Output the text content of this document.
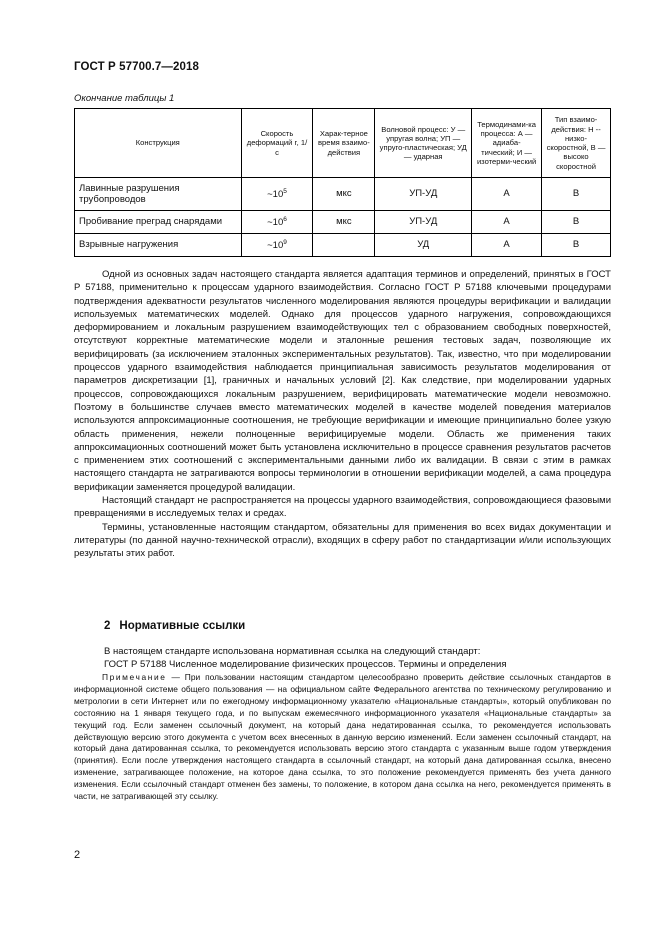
ГОСТ Р 57700.7—2018
Окончание таблицы 1
Конструкция	Скорость деформаций r, 1/с	Харак-терное время взаимо-действия	Волновой процесс: У — упругая волна; УП — упруго-пластическая; УД — ударная	Термодинами-ка процесса: А — адиаба-тический; И — изотерми-ческий	Тип взаимо-действия: Н -- низко-скоростной, В — высоко скоростной
Лавинные разрушения трубопроводов	$\sim 10^5$	мкс	УП-УД	А	В
Пробивание преград снарядами	$\sim 10^6$	мкс	УП-УД	А	В
Взрывные нагружения	$\sim 10^9$		УД	А	В

Одной из основных задач настоящего стандарта является адаптация терминов и определений, принятых в ГОСТ Р 57188, применительно к процессам ударного взаимодействия. Согласно ГОСТ Р 57188 ключевыми процедурами подтверждения адекватности результатов численного моделирования являются процедуры верификации и валидации используемых математических моделей. Однако для процессов ударного нагружения, сопровождающихся деформированием и локальным разрушением взаимодействующих тел с образованием свободных поверхностей, отсутствуют корректные математические модели и эталонные решения тестовых задач, позволяющие их верифицировать (за исключением эталонных экспериментальных результатов). Так, известно, что при моделировании процессов ударного взаимодействия наблюдается принципиальная зависимость результатов моделирования от параметров дискретизации [1], граничных и начальных условий [2]. Как следствие, при моделировании ударных процессов, сопровождающихся локальным разрушением, верифицировать математические модели невозможно. Поэтому в большинстве случаев вместо математических моделей в качестве моделей поведения материалов используются аппроксимационные соотношения, не требующие верификации и имеющие принципиально более узкую область применения, нежели полноценные верифицируемые модели. Область же применения таких аппроксимационных соотношений может быть установлена исключительно в процессе сравнения результатов расчетов с применением этих соотношений с экспериментальными данными либо их валидации. В связи с этим в рамках настоящего стандарта не затрагиваются вопросы терминологии в отношении верификации моделей, а сама процедура верификации заменяется процедурой валидации.

Настоящий стандарт не распространяется на процессы ударного взаимодействия, сопровождающиеся фазовыми превращениями в исследуемых телах и средах.

Термины, установленные настоящим стандартом, обязательны для применения во всех видах документации и литературы (по данной научно-технической отрасли), входящих в сферу работ по стандартизации и/или использующих результаты этих работ.

2 Нормативные ссылки
В настоящем стандарте использована нормативная ссылка на следующий стандарт:
ГОСТ Р 57188 Численное моделирование физических процессов. Термины и определения
Примечание — При пользовании настоящим стандартом целесообразно проверить действие ссылочных стандартов в информационной системе общего пользования — на официальном сайте Федерального агентства по техническому регулированию и метрологии в сети Интернет или по ежегодному информационному указателю «Национальные стандарты», который опубликован по состоянию на 1 января текущего года, и по выпускам ежемесячного информационного указателя «Национальные стандарты» за текущий год. Если заменен ссылочный документ, на который дана недатированная ссылка, то рекомендуется использовать действующую версию этого документа с учетом всех внесенных в данную версию изменений. Если заменен ссылочный стандарт, на который дана датированная ссылка, то рекомендуется использовать версию этого стандарта с указанным выше годом утверждения (принятия). Если после утверждения настоящего стандарта в ссылочный стандарт, на который дана датированная ссылка, внесено изменение, затрагивающее положение, на которое дана ссылка, то это положение рекомендуется применять без учета данного изменения. Если ссылочный стандарт отменен без замены, то положение, в котором дана ссылка на него, рекомендуется применять в части, не затрагивающей эту ссылку.
2
